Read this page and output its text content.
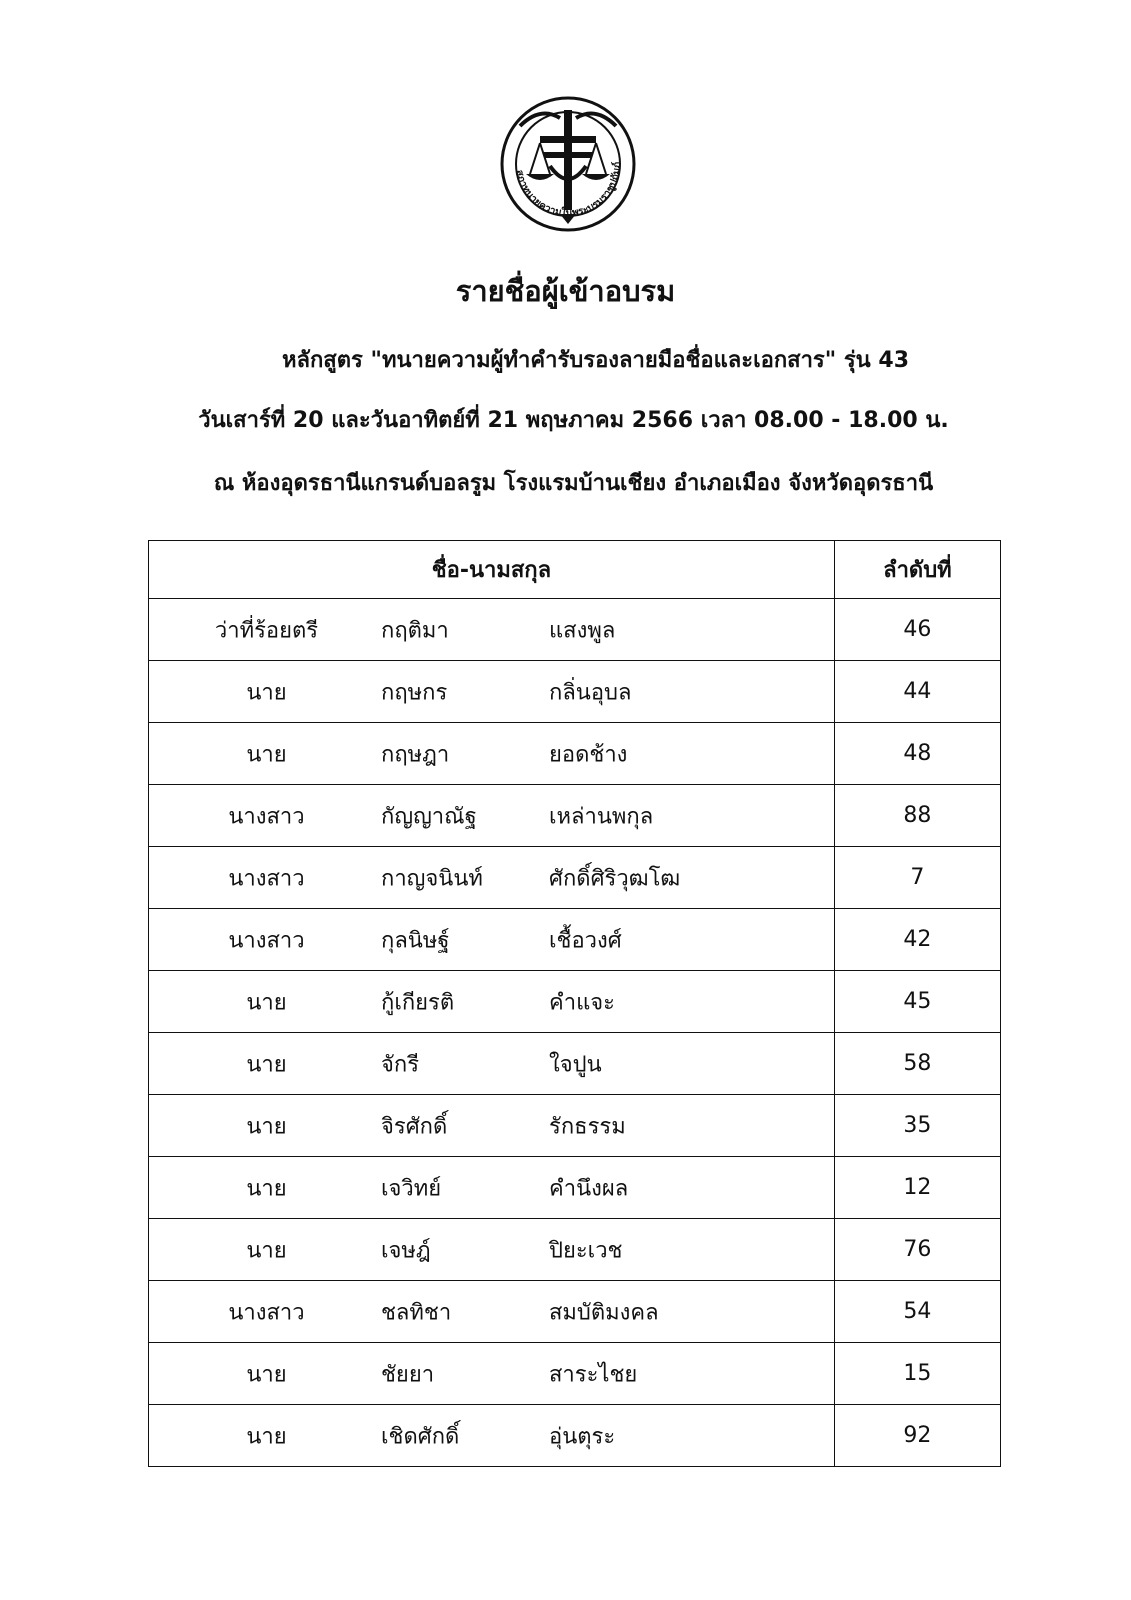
สภาทนายความในพระบรมราชูปถัมภ์
รายชื่อผู้เข้าอบรม
หลักสูตร "ทนายความผู้ทำคำรับรองลายมือชื่อและเอกสาร" รุ่น 43
วันเสาร์ที่ 20 และวันอาทิตย์ที่ 21 พฤษภาคม 2566 เวลา 08.00 - 18.00 น.
ณ ห้องอุดรธานีแกรนด์บอลรูม โรงแรมบ้านเชียง อำเภอเมือง จังหวัดอุดรธานี
ชื่อ-นามสกุล	ลำดับที่

ว่าที่ร้อยตรี กฤติมา แสงพูล	46

นาย กฤษกร กลิ่นอุบล	44

นาย กฤษฎา ยอดช้าง	48

นางสาว กัญญาณัฐ เหล่านพกุล	88

นางสาว กาญจนินท์ ศักดิ์ศิริวุฒโฒ	7

นางสาว กุลนิษฐ์ เชื้อวงศ์	42

นาย กู้เกียรติ คำแจะ	45

นาย จักรี ใจปูน	58

นาย จิรศักดิ์ รักธรรม	35

นาย เจวิทย์ คำนึงผล	12

นาย เจษฎ์ ปิยะเวช	76

นางสาว ชลทิชา สมบัติมงคล	54

นาย ชัยยา สาระไชย	15

นาย เชิดศักดิ์ อุ่นตุระ	92
